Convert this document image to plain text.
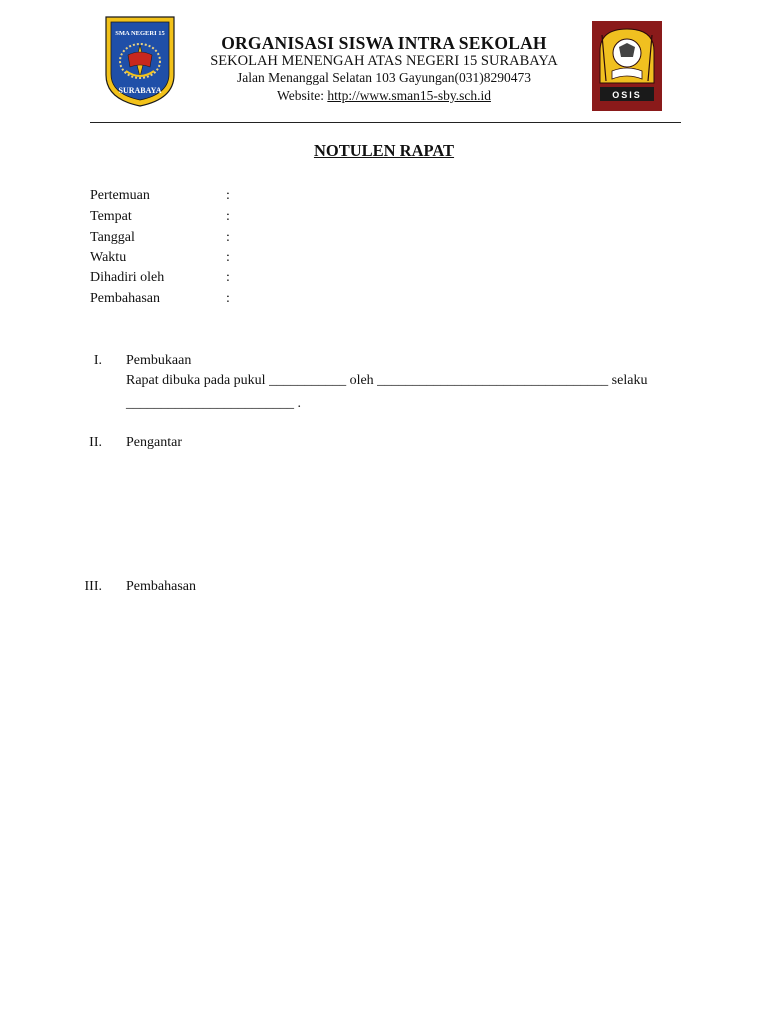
SMA NEGERI 15
SURABAYA
ORGANISASI SISWA INTRA SEKOLAH
SEKOLAH MENENGAH ATAS NEGERI 15 SURABAYA
Jalan Menanggal Selatan 103 Gayungan(031)8290473
Website: http://www.sman15-sby.sch.id	OSIS
NOTULEN RAPAT
Pertemuan	:
Tempat	:
Tanggal	:
Waktu	:
Dihadiri oleh	:
Pembahasan	:
I. Pembukaan
Rapat dibuka pada pukul ___________ oleh _________________________________ selaku
________________________ .
II. Pengantar
III. Pembahasan
